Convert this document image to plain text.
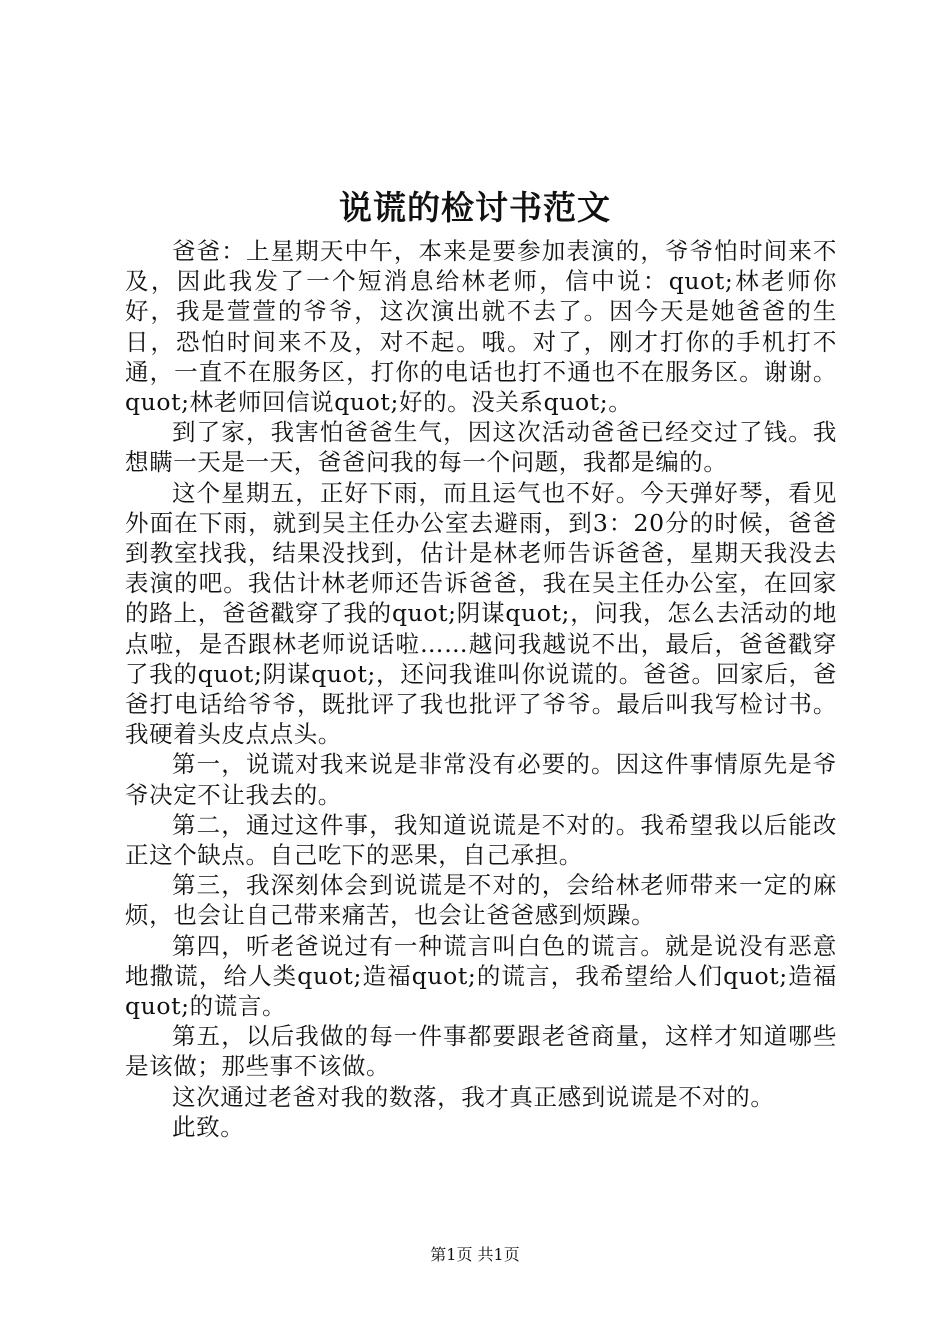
说谎的检讨书范文

爸爸：上星期天中午，本来是要参加表演的，爷爷怕时间来不及，因此我发了一个短消息给林老师，信中说：quot;林老师你好，我是萱萱的爷爷，这次演出就不去了。因今天是她爸爸的生日，恐怕时间来不及，对不起。哦。对了，刚才打你的手机打不通，一直不在服务区，打你的电话也打不通也不在服务区。谢谢。quot;林老师回信说quot;好的。没关系quot;。

到了家，我害怕爸爸生气，因这次活动爸爸已经交过了钱。我想瞒一天是一天，爸爸问我的每一个问题，我都是编的。

这个星期五，正好下雨，而且运气也不好。今天弹好琴，看见外面在下雨，就到吴主任办公室去避雨，到3：20分的时候，爸爸到教室找我，结果没找到，估计是林老师告诉爸爸，星期天我没去表演的吧。我估计林老师还告诉爸爸，我在吴主任办公室，在回家的路上，爸爸戳穿了我的quot;阴谋quot;，问我，怎么去活动的地点啦，是否跟林老师说话啦……越问我越说不出，最后，爸爸戳穿了我的quot;阴谋quot;，还问我谁叫你说谎的。爸爸。回家后，爸爸打电话给爷爷，既批评了我也批评了爷爷。最后叫我写检讨书。我硬着头皮点点头。

第一，说谎对我来说是非常没有必要的。因这件事情原先是爷爷决定不让我去的。

第二，通过这件事，我知道说谎是不对的。我希望我以后能改正这个缺点。自己吃下的恶果，自己承担。

第三，我深刻体会到说谎是不对的，会给林老师带来一定的麻烦，也会让自己带来痛苦，也会让爸爸感到烦躁。

第四，听老爸说过有一种谎言叫白色的谎言。就是说没有恶意地撒谎，给人类quot;造福quot;的谎言，我希望给人们quot;造福quot;的谎言。

第五，以后我做的每一件事都要跟老爸商量，这样才知道哪些是该做；那些事不该做。

这次通过老爸对我的数落，我才真正感到说谎是不对的。

此致。

第1页 共1页
